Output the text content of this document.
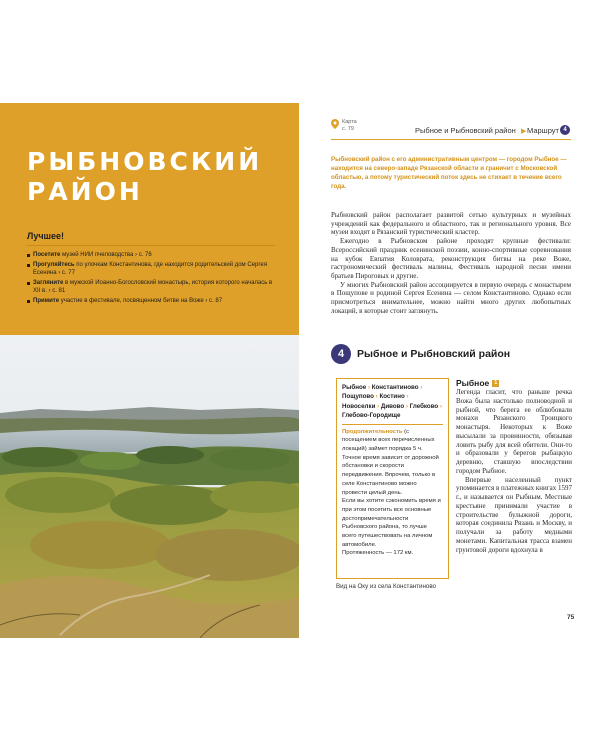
РЫБНОВСКИЙ
РАЙОН
Лучшее!
Посетите музей НИИ пчеловодства › с. 76
Прогуляйтесь по улочкам Константинова, где находится родительский дом Сергея Есенина › с. 77
Загляните в мужской Иоанно-Богословский монастырь, история которого началась в XII в. › с. 81
Примите участие в фестивале, посвященном битве на Воже › с. 87
Карта
с. 79	Рыбное и Рыбновский район ▶ Маршрут 4

Рыбновский район с его административным центром — городом Рыбное — находится на северо-западе Рязанской области и граничит с Московской областью, а потому туристический поток здесь не стихает в течение всего года.

Рыбновский район располагает развитой сетью культурных и музейных учреждений как федерального и областного, так и регионального уровня. Все музеи входят в Рязанский туристический кластер.

Ежегодно в Рыбновском районе проходят крупные фестивали: Всероссийский праздник есенинской поэзии, конно-спортивные соревнования на кубок Евпатия Коловрата, реконструкция битвы на реке Воже, гастрономический фестиваль малины, Фестиваль народной песни имени братьев Пироговых и другие.

У многих Рыбновский район ассоциируется в первую очередь с монастырем в Пощупове и родиной Сергея Есенина — селом Константиново. Однако если присмотреться внимательнее, можно найти много других любопытных локаций, в которые стоит заглянуть.

4	Рыбное и Рыбновский район
Рыбное › Константиново › Пощупово › Костино › Новоселки › Дивово › Глебково › Глебово-Городище
Продолжительность (с посещением всех перечисленных локаций) займет порядка 5 ч.
Точное время зависит от дорожной обстановки и скорости передвижения. Впрочем, только в селе Константиново можно провести целый день.
Если вы хотите сэкономить время и при этом посетить все основные достопримечательности Рыбновского района, то лучше всего путешествовать на личном автомобиле.
Протяженность — 172 км.
Вид на Оку из села Константиново
Рыбное 1

Легенда гласит, что раньше речка Вожа была настолько полноводной и рыбной, что берега ее облюбовали монахи Рязанского Троицкого монастыря. Некоторых к Воже высылали за провинности, обязывая ловить рыбу для всей обители. Они-то и образовали у берегов рыбацкую деревню, ставшую впоследствии городом Рыбное.

Впервые населенный пункт упоминается в платежных книгах 1597 г., и называется он Рыбным. Местные крестьяне принимали участие в строительстве булыжной дороги, которая соединила Рязань и Москву, и получали за работу медными монетами. Капитальная трасса взамен грунтовой дороги вдохнула в

75
